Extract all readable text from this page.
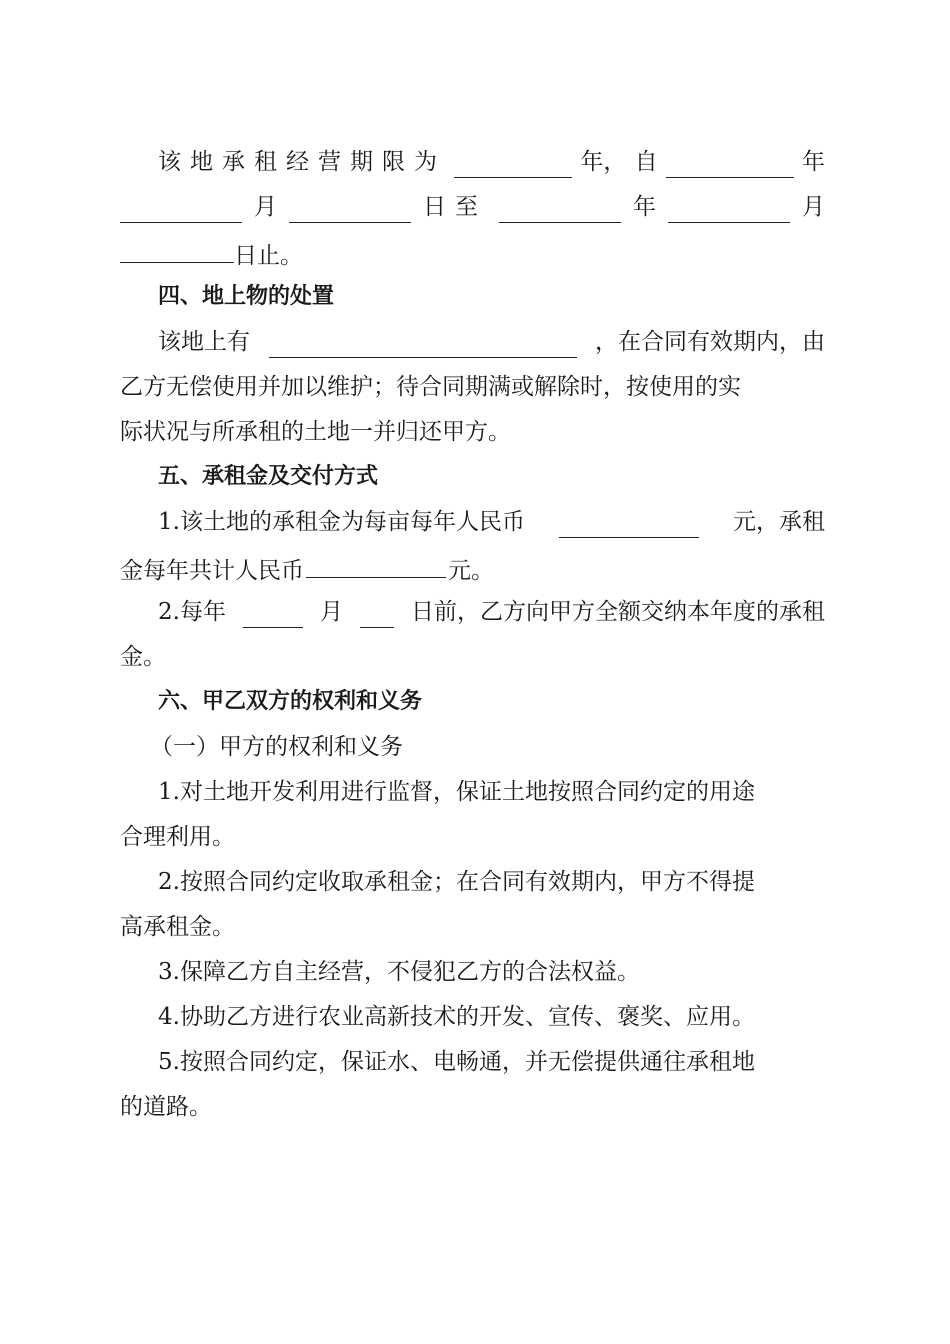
该地承租经营期限为	年， 自	年
月	日至	年	月
日止。
四、地上物的处置
该地上有	，在合同有效期内，由
乙方无偿使用并加以维护；待合同期满或解除时，按使用的实
际状况与所承租的土地一并归还甲方。
五、承租金及交付方式
1.该土地的承租金为每亩每年人民币	元，承租
金每年共计人民币	元。
2.每年	月	日前，乙方向甲方全额交纳本年度的承租
金。
六、甲乙双方的权利和义务
（一）甲方的权利和义务
1.对土地开发利用进行监督，保证土地按照合同约定的用途
合理利用。
2.按照合同约定收取承租金；在合同有效期内，甲方不得提
高承租金。
3.保障乙方自主经营，不侵犯乙方的合法权益。
4.协助乙方进行农业高新技术的开发、宣传、褒奖、应用。
5.按照合同约定，保证水、电畅通，并无偿提供通往承租地
的道路。
